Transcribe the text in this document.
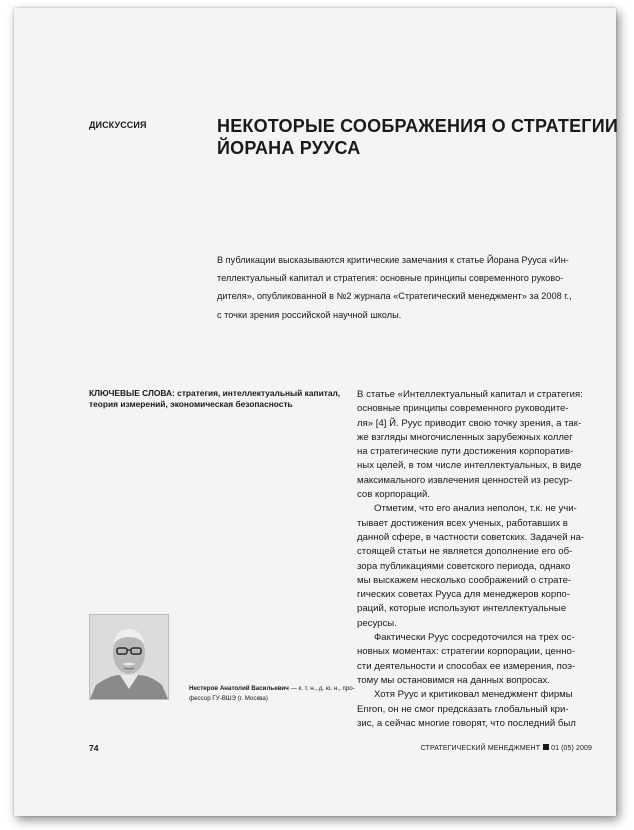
ДИСКУССИЯ	НЕКОТОРЫЕ СООБРАЖЕНИЯ О СТРАТЕГИИ
ЙОРАНА РУУСА
В публикации высказываются критические замечания к статье Йорана Рууса «Ин-
теллектуальный капитал и стратегия: основные принципы современного руково-
дителя», опубликованной в №2 журнала «Стратегический менеджмент» за 2008 г.,
с точки зрения российской научной школы.
КЛЮЧЕВЫЕ СЛОВА: стратегия, интеллектуальный капитал,
теория измерений, экономическая безопасность
В статье «Интеллектуальный капитал и стратегия:
основные принципы современного руководите-
ля» [4] Й. Руус приводит свою точку зрения, а так-
же взгляды многочисленных зарубежных коллег
на стратегические пути достижения корпоратив-
ных целей, в том числе интеллектуальных, в виде
максимального извлечения ценностей из ресур-
сов корпораций.
Отметим, что его анализ неполон, т.к. не учи-
тывает достижения всех ученых, работавших в
данной сфере, в частности советских. Задачей на-
стоящей статьи не является дополнение его об-
зора публикациями советского периода, однако
мы выскажем несколько соображений о страте-
гических советах Рууса для менеджеров корпо-
раций, которые используют интеллектуальные
ресурсы.
Фактически Руус сосредоточился на трех ос-
новных моментах: стратегии корпорации, ценно-
сти деятельности и способах ее измерения, поэ-
тому мы остановимся на данных вопросах.
Хотя Руус и критиковал менеджмент фирмы
Enron, он не смог предсказать глобальный кри-
зис, а сейчас многие говорят, что последний был
Нестеров Анатолий Васильевич — к. т. н., д. ю. н., про-
фессор ГУ-ВШЭ (г. Москва)
74	СТРАТЕГИЧЕСКИЙ МЕНЕДЖМЕНТ 01 (05) 2009
